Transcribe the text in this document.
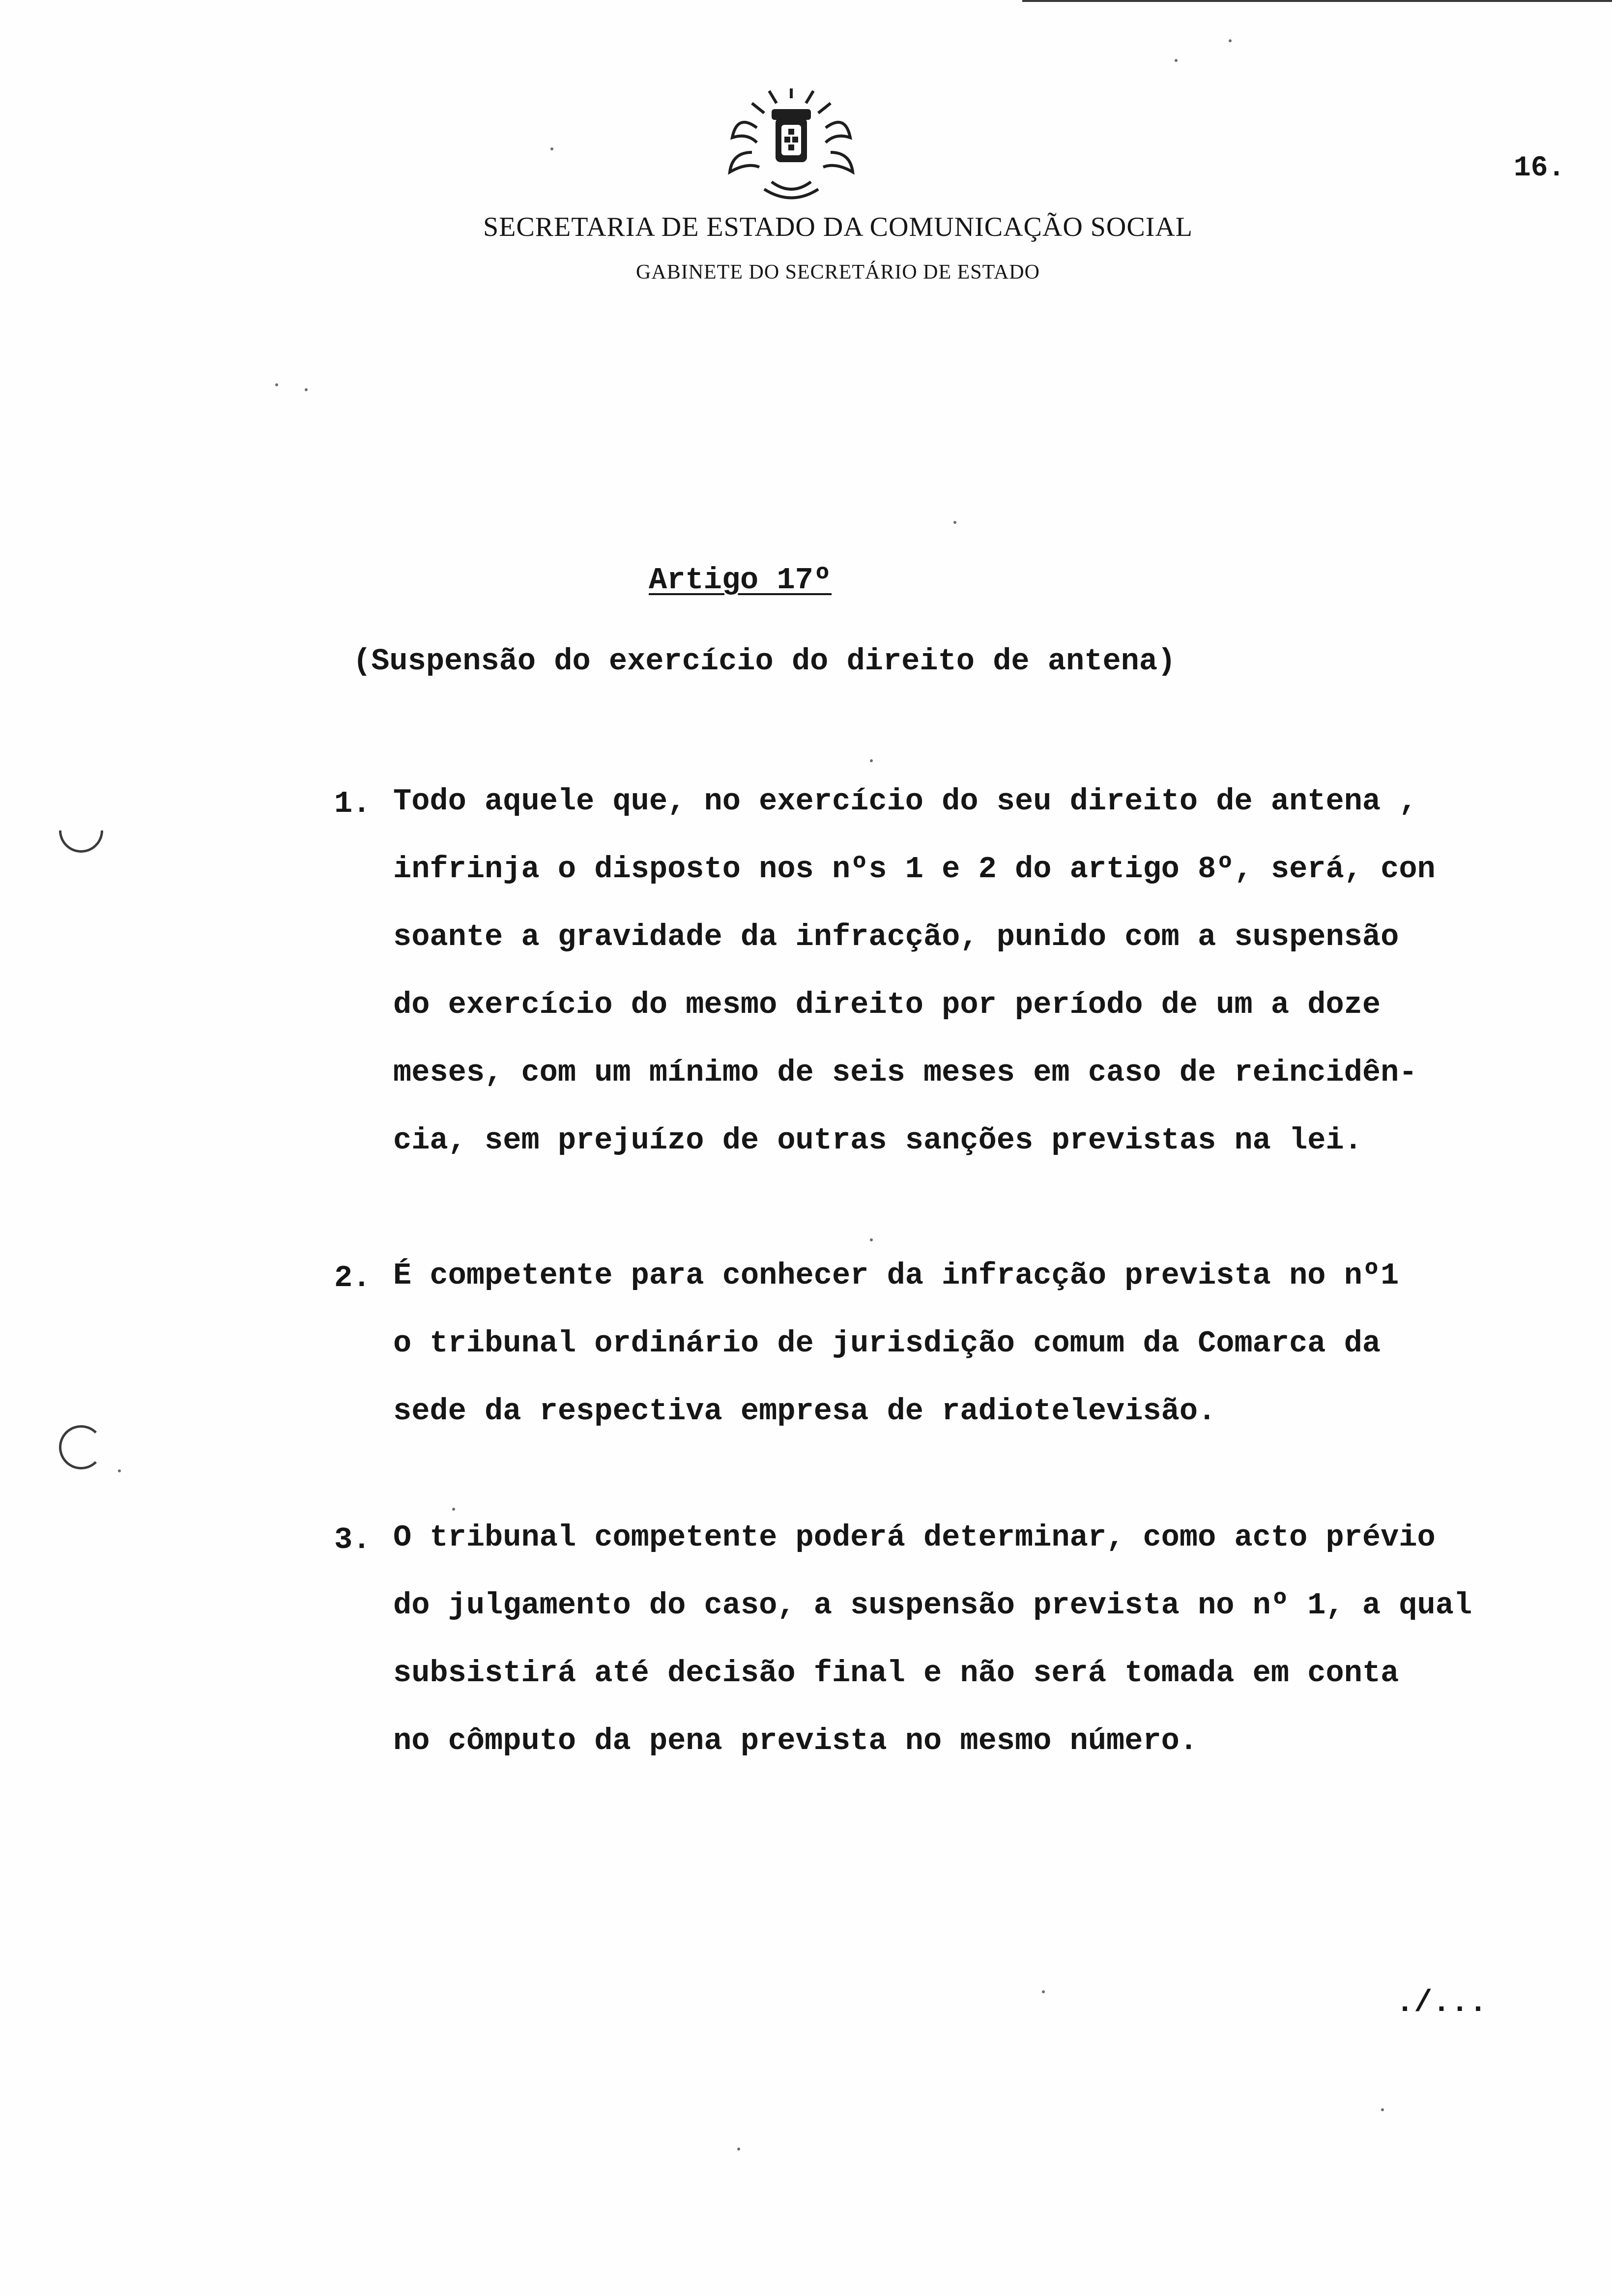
16.
SECRETARIA DE ESTADO DA COMUNICAÇÃO SOCIAL
GABINETE DO SECRETÁRIO DE ESTADO
Artigo 17º
(Suspensão do exercício do direito de antena)
1. Todo aquele que, no exercício do seu direito de antena ,

infrinja o disposto nos nºs 1 e 2 do artigo 8º, será, con

soante a gravidade da infracção, punido com a suspensão

do exercício do mesmo direito por período de um a doze

meses, com um mínimo de seis meses em caso de reincidên-

cia, sem prejuízo de outras sanções previstas na lei.

2. É competente para conhecer da infracção prevista no nº1

o tribunal ordinário de jurisdição comum da Comarca da

sede da respectiva empresa de radiotelevisão.

3. O tribunal competente poderá determinar, como acto prévio

do julgamento do caso, a suspensão prevista no nº 1, a qual

subsistirá até decisão final e não será tomada em conta

no cômputo da pena prevista no mesmo número.

./...
